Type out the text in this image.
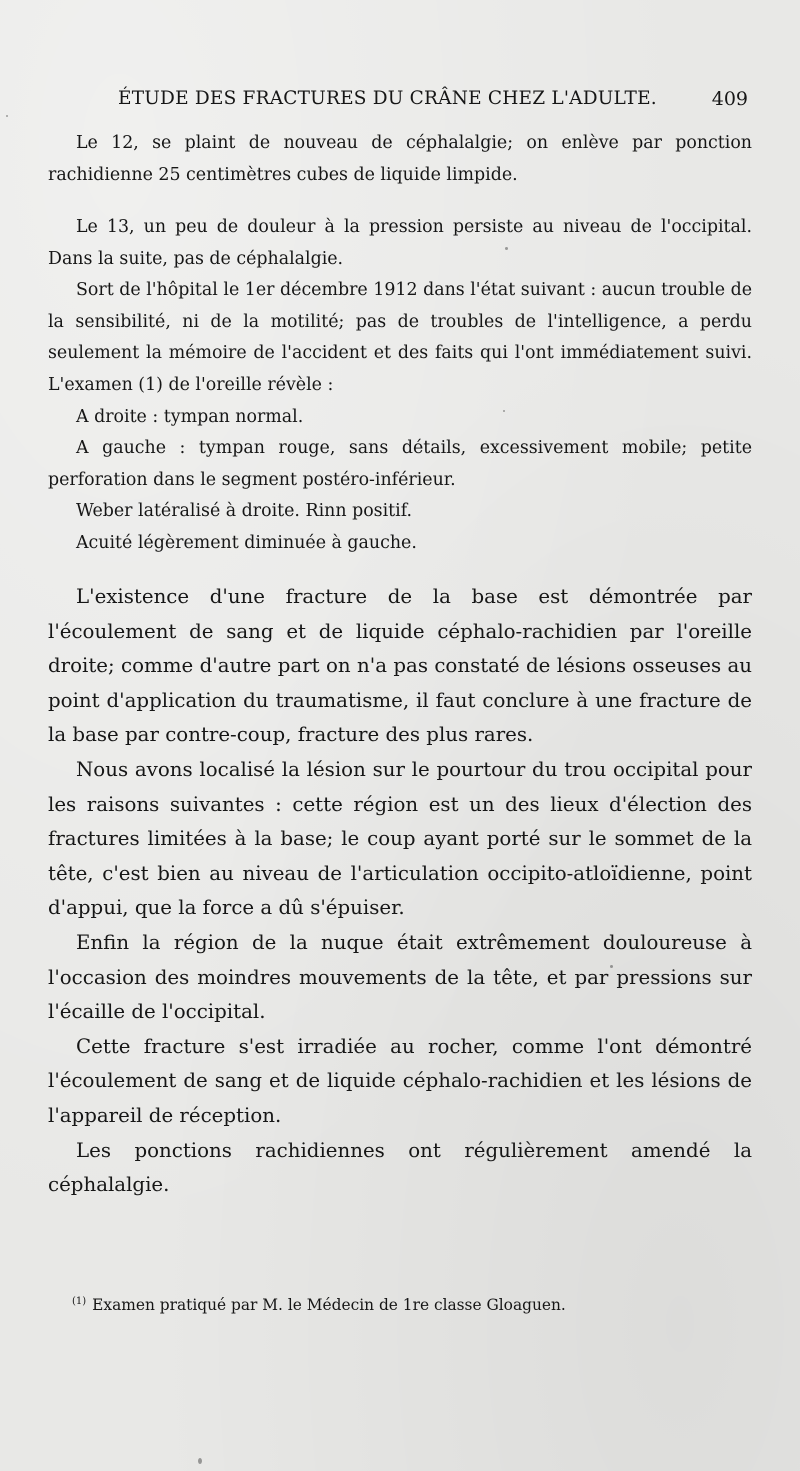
ÉTUDE DES FRACTURES DU CRÂNE CHEZ L'ADULTE.	409

Le 12, se plaint de nouveau de céphalalgie; on enlève par ponction rachidienne 25 centimètres cubes de liquide limpide.

Le 13, un peu de douleur à la pression persiste au niveau de l'occipital. Dans la suite, pas de céphalalgie.

Sort de l'hôpital le 1er décembre 1912 dans l'état suivant : aucun trouble de la sensibilité, ni de la motilité; pas de troubles de l'intelligence, a perdu seulement la mémoire de l'accident et des faits qui l'ont immédiatement suivi. L'examen (1) de l'oreille révèle :

A droite : tympan normal.

A gauche : tympan rouge, sans détails, excessivement mobile; petite perforation dans le segment postéro-inférieur.

Weber latéralisé à droite. Rinn positif.

Acuité légèrement diminuée à gauche.

L'existence d'une fracture de la base est démontrée par l'écoulement de sang et de liquide céphalo-rachidien par l'oreille droite; comme d'autre part on n'a pas constaté de lésions osseuses au point d'application du traumatisme, il faut conclure à une fracture de la base par contre-coup, fracture des plus rares.

Nous avons localisé la lésion sur le pourtour du trou occipital pour les raisons suivantes : cette région est un des lieux d'élection des fractures limitées à la base; le coup ayant porté sur le sommet de la tête, c'est bien au niveau de l'articulation occipito-atloïdienne, point d'appui, que la force a dû s'épuiser.

Enfin la région de la nuque était extrêmement douloureuse à l'occasion des moindres mouvements de la tête, et par pressions sur l'écaille de l'occipital.

Cette fracture s'est irradiée au rocher, comme l'ont démontré l'écoulement de sang et de liquide céphalo-rachidien et les lésions de l'appareil de réception.

Les ponctions rachidiennes ont régulièrement amendé la céphalalgie.

$^{(1)}$ Examen pratiqué par M. le Médecin de 1re classe Gloaguen.
